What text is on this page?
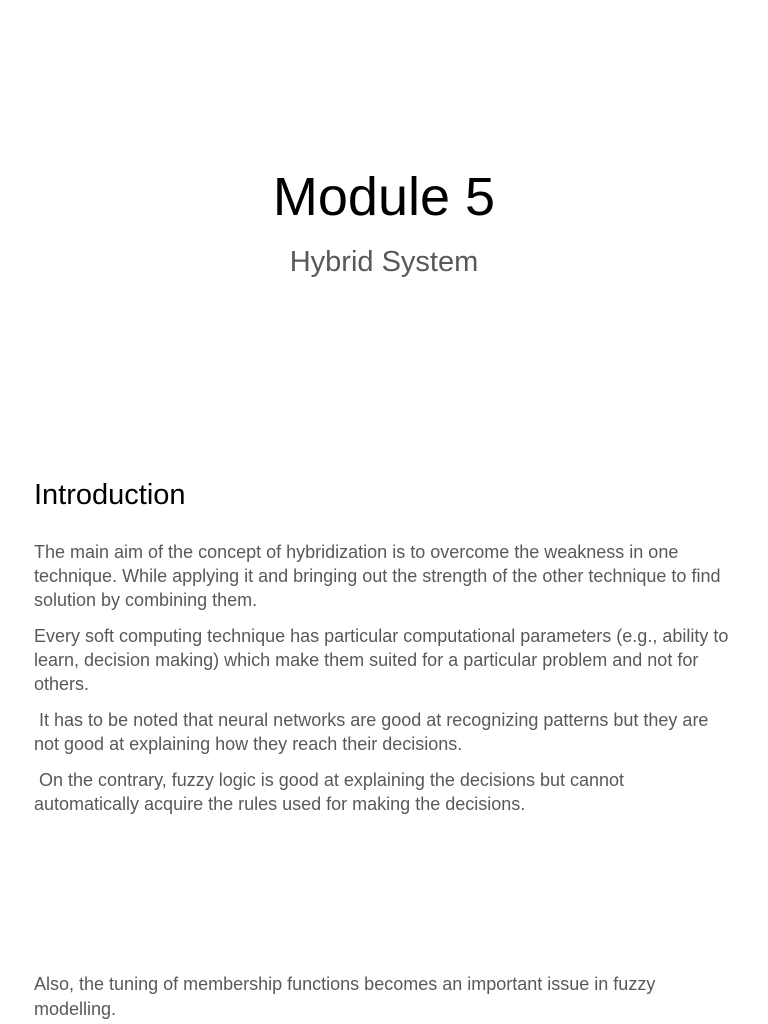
Module 5
Hybrid System
Introduction

The main aim of the concept of hybridization is to overcome the weakness in one technique. While applying it and bringing out the strength of the other technique to find solution by combining them.

Every soft computing technique has particular computational parameters (e.g., ability to learn, decision making) which make them suited for a particular problem and not for others.

It has to be noted that neural networks are good at recognizing patterns but they are not good at explaining how they reach their decisions.

On the contrary, fuzzy logic is good at explaining the decisions but cannot automatically acquire the rules used for making the decisions.

Also, the tuning of membership functions becomes an important issue in fuzzy modelling.
